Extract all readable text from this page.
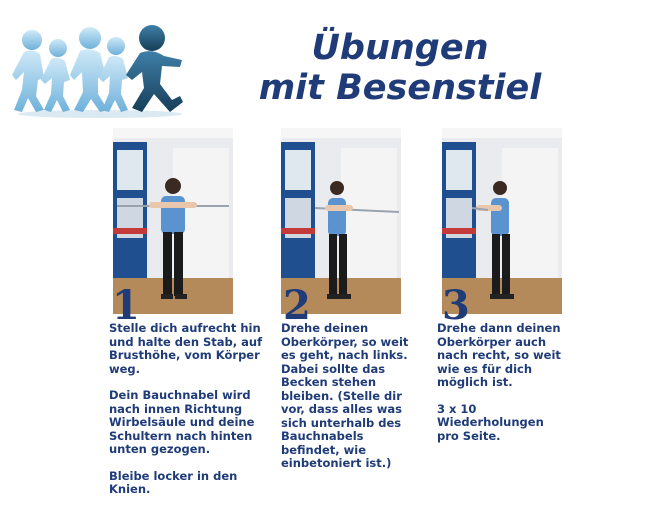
Übungen
mit Besenstiel
1	2	3

Stelle dich aufrecht hin und halte den Stab, auf Brusthöhe, vom Körper weg.

Dein Bauchnabel wird nach innen Richtung Wirbelsäule und deine Schultern nach hinten unten gezogen.

Bleibe locker in den Knien.

Drehe deinen Oberkörper, so weit es geht, nach links. Dabei sollte das Becken stehen bleiben. (Stelle dir vor, dass alles was sich unterhalb des Bauchnabels befindet, wie einbetoniert ist.)

Drehe dann deinen Oberkörper auch nach recht, so weit wie es für dich möglich ist.

3 x 10 Wiederholungen pro Seite.
